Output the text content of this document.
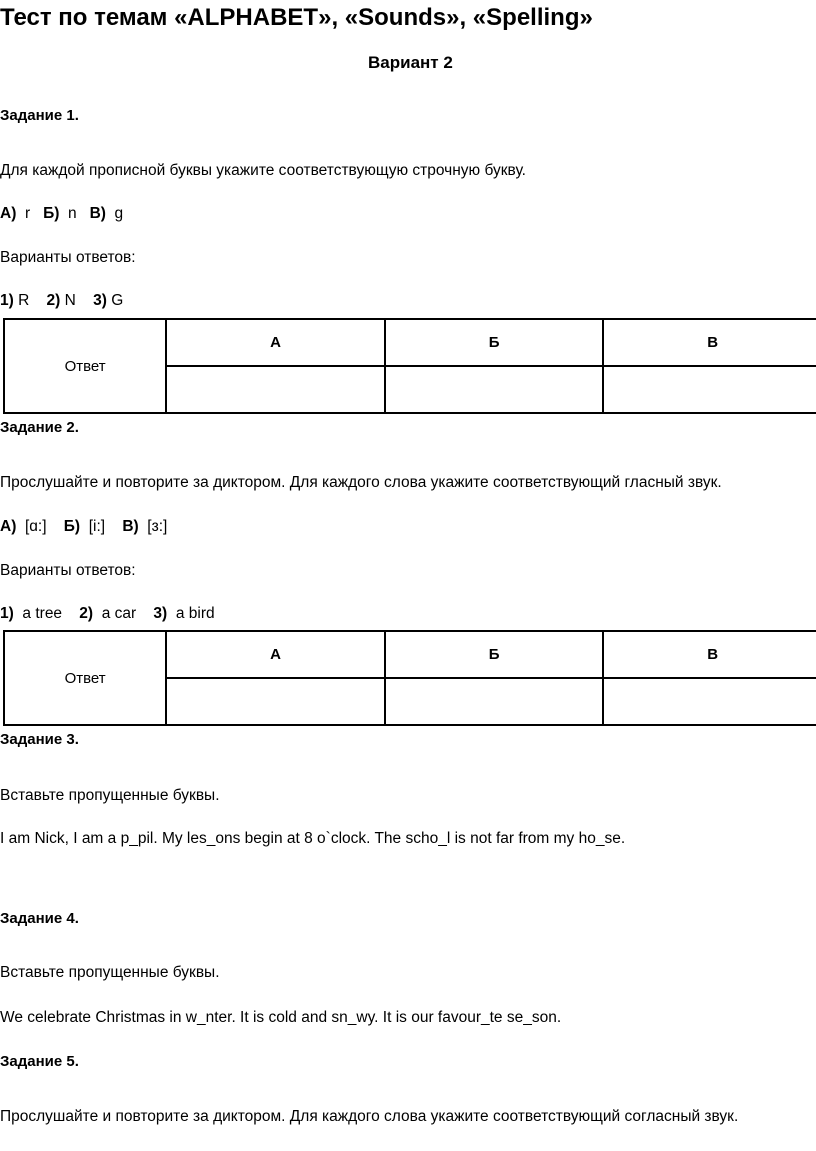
Тест по темам «ALPHABET», «Sounds», «Spelling»
Вариант 2
Задание 1.
Для каждой прописной буквы укажите соответствующую строчную букву.
А) r Б) n В) g
Варианты ответов:
1) R 2) N 3) G
Ответ	А	Б	В

Задание 2.
Прослушайте и повторите за диктором. Для каждого слова укажите соответствующий гласный звук.
А) [ɑ:] Б) [i:] В) [ɜ:]
Варианты ответов:
1) a tree 2) a car 3) a bird
Ответ	А	Б	В

Задание 3.
Вставьте пропущенные буквы.
I am Nick, I am a p_pil. My les_ons begin at 8 o`clock. The scho_l is not far from my ho_se.
Задание 4.
Вставьте пропущенные буквы.
We celebrate Christmas in w_nter. It is cold and sn_wy. It is our favour_te se_son.
Задание 5.
Прослушайте и повторите за диктором. Для каждого слова укажите соответствующий согласный звук.
